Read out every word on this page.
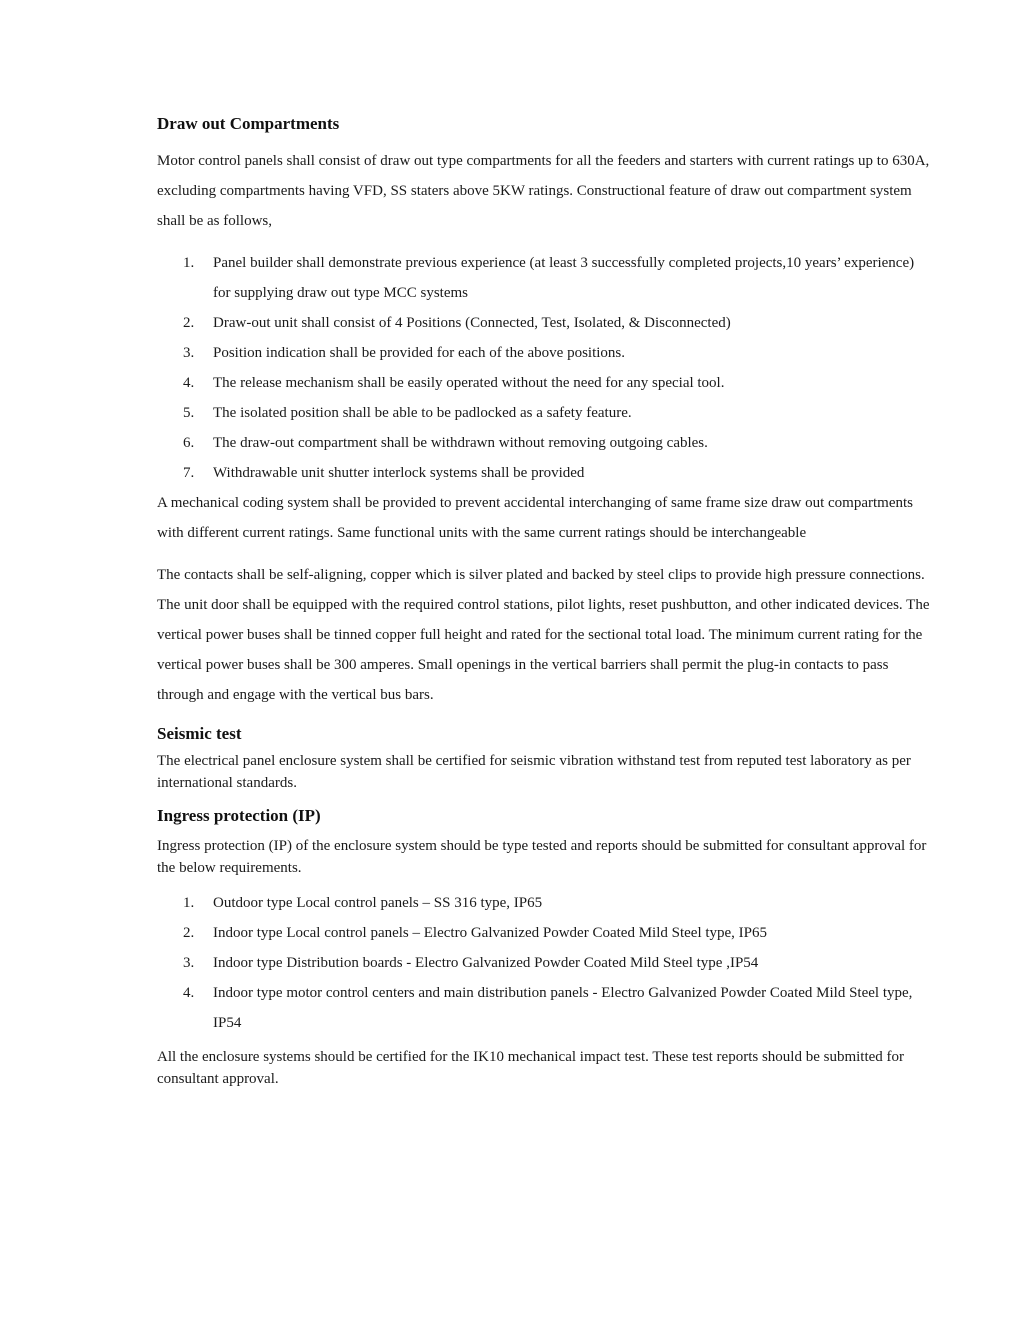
Draw out Compartments

Motor control panels shall consist of draw out type compartments for all the feeders and starters with current ratings up to 630A, excluding compartments having VFD, SS staters above 5KW ratings. Constructional feature of draw out compartment system shall be as follows,

1. Panel builder shall demonstrate previous experience (at least 3 successfully completed projects,10 years’ experience) for supplying draw out type MCC systems
2. Draw-out unit shall consist of 4 Positions (Connected, Test, Isolated, & Disconnected)
3. Position indication shall be provided for each of the above positions.
4. The release mechanism shall be easily operated without the need for any special tool.
5. The isolated position shall be able to be padlocked as a safety feature.
6. The draw-out compartment shall be withdrawn without removing outgoing cables.
7. Withdrawable unit shutter interlock systems shall be provided

A mechanical coding system shall be provided to prevent accidental interchanging of same frame size draw out compartments with different current ratings. Same functional units with the same current ratings should be interchangeable

The contacts shall be self-aligning, copper which is silver plated and backed by steel clips to provide high pressure connections. The unit door shall be equipped with the required control stations, pilot lights, reset pushbutton, and other indicated devices. The vertical power buses shall be tinned copper full height and rated for the sectional total load. The minimum current rating for the vertical power buses shall be 300 amperes. Small openings in the vertical barriers shall permit the plug-in contacts to pass through and engage with the vertical bus bars.

Seismic test

The electrical panel enclosure system shall be certified for seismic vibration withstand test from reputed test laboratory as per international standards.

Ingress protection (IP)

Ingress protection (IP) of the enclosure system should be type tested and reports should be submitted for consultant approval for the below requirements.

1. Outdoor type Local control panels – SS 316 type, IP65
2. Indoor type Local control panels – Electro Galvanized Powder Coated Mild Steel type, IP65
3. Indoor type Distribution boards - Electro Galvanized Powder Coated Mild Steel type ,IP54
4. Indoor type motor control centers and main distribution panels - Electro Galvanized Powder Coated Mild Steel type, IP54

All the enclosure systems should be certified for the IK10 mechanical impact test. These test reports should be submitted for consultant approval.
